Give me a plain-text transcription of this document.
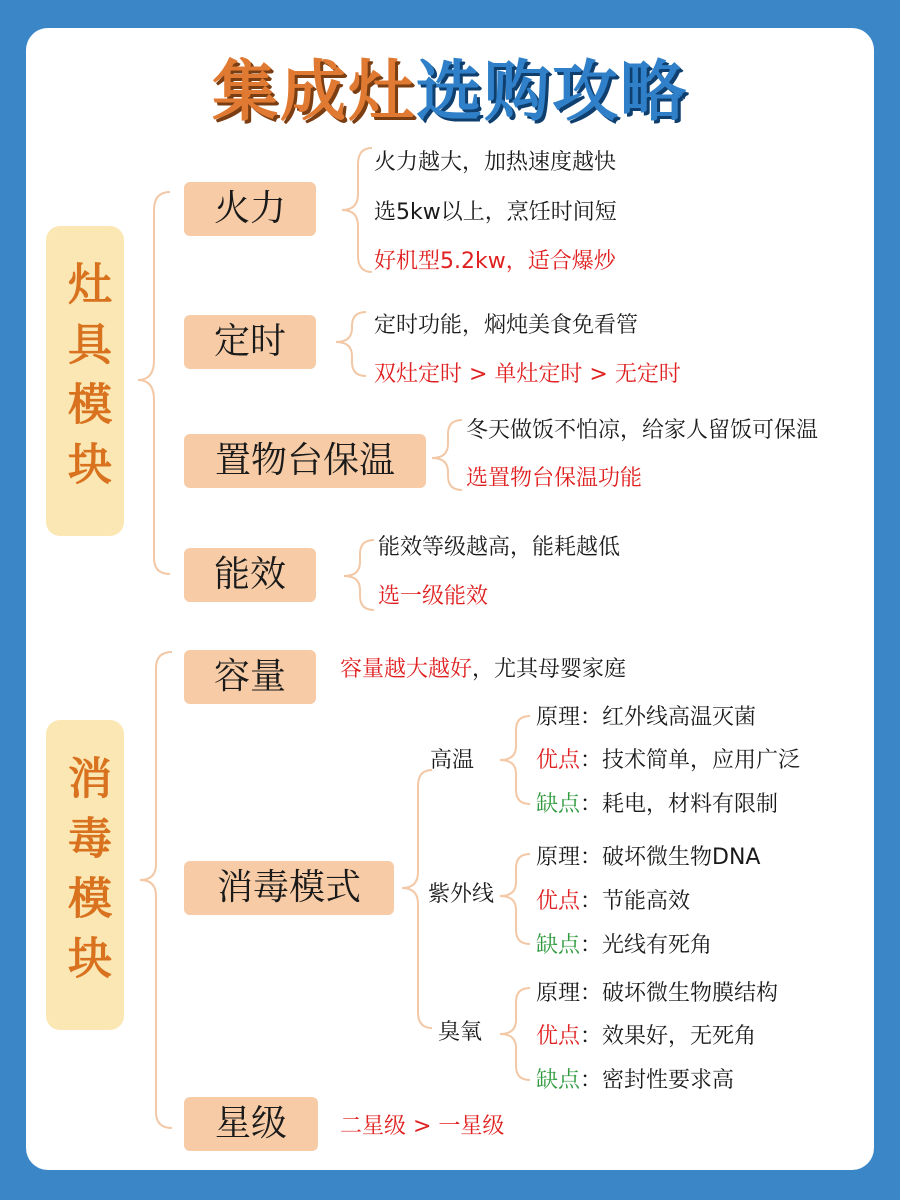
集成灶选购攻略
灶具模块
消毒模块
火力
火力越大，加热速度越快
选5kw以上，烹饪时间短
好机型5.2kw，适合爆炒
定时	定时功能，焖炖美食免看管
双灶定时 > 单灶定时 > 无定时
置物台保温
冬天做饭不怕凉，给家人留饭可保温
选置物台保温功能
能效
能效等级越高，能耗越低
选一级能效
容量	容量越大越好，尤其母婴家庭
消毒模式
高温
紫外线
臭氧
原理：红外线高温灭菌
优点：技术简单，应用广泛
缺点：耗电，材料有限制
原理：破坏微生物DNA
优点：节能高效
缺点：光线有死角
原理：破坏微生物膜结构
优点：效果好，无死角
缺点：密封性要求高
星级	二星级 > 一星级
